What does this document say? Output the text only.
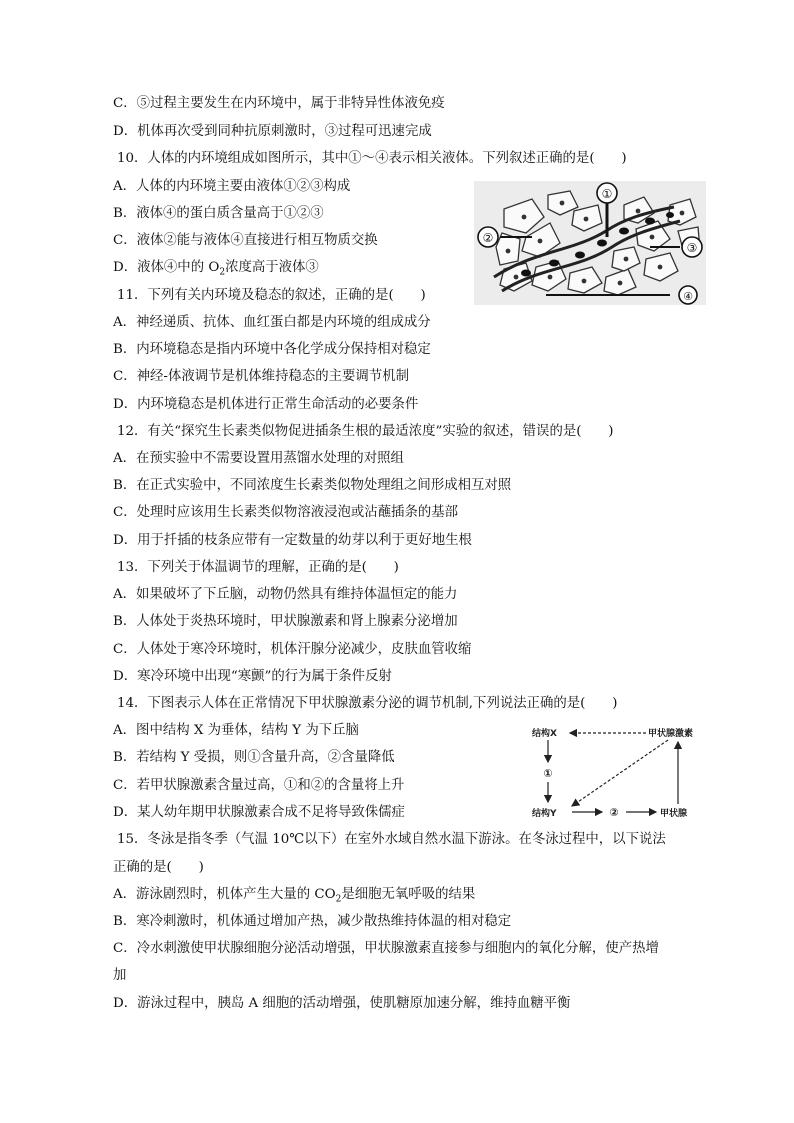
C．⑤过程主要发生在内环境中，属于非特异性体液免疫
D．机体再次受到同种抗原刺激时，③过程可迅速完成
10．人体的内环境组成如图所示，其中①～④表示相关液体。下列叙述正确的是(　　)
A．人体的内环境主要由液体①②③构成
B．液体④的蛋白质含量高于①②③
C．液体②能与液体④直接进行相互物质交换
D．液体④中的 $O_2$浓度高于液体③
①
②
③
④
11．下列有关内环境及稳态的叙述，正确的是(　　)
A．神经递质、抗体、血红蛋白都是内环境的组成成分
B．内环境稳态是指内环境中各化学成分保持相对稳定
C．神经-体液调节是机体维持稳态的主要调节机制
D．内环境稳态是机体进行正常生命活动的必要条件
12．有关“探究生长素类似物促进插条生根的最适浓度”实验的叙述，错误的是(　　)
A．在预实验中不需要设置用蒸馏水处理的对照组
B．在正式实验中，不同浓度生长素类似物处理组之间形成相互对照
C．处理时应该用生长素类似物溶液浸泡或沾蘸插条的基部
D．用于扦插的枝条应带有一定数量的幼芽以利于更好地生根
13．下列关于体温调节的理解，正确的是(　　)
A．如果破坏了下丘脑，动物仍然具有维持体温恒定的能力
B．人体处于炎热环境时，甲状腺激素和肾上腺素分泌增加
C．人体处于寒冷环境时，机体汗腺分泌减少，皮肤血管收缩
D．寒冷环境中出现“寒颤”的行为属于条件反射
14．下图表示人体在正常情况下甲状腺激素分泌的调节机制,下列说法正确的是(　　)
A．图中结构 X 为垂体，结构 Y 为下丘脑
B．若结构 Y 受损，则①含量升高，②含量降低
C．若甲状腺激素含量过高，①和②的含量将上升
D．某人幼年期甲状腺激素合成不足将导致侏儒症
结构X	甲状腺激素
①
结构Y	②	甲状腺
15．冬泳是指冬季（气温 10℃以下）在室外水域自然水温下游泳。在冬泳过程中，以下说法
正确的是(　　)
A．游泳剧烈时，机体产生大量的 $CO_2$是细胞无氧呼吸的结果
B．寒冷刺激时，机体通过增加产热，减少散热维持体温的相对稳定
C．冷水刺激使甲状腺细胞分泌活动增强，甲状腺激素直接参与细胞内的氧化分解，使产热增
加
D．游泳过程中，胰岛 A 细胞的活动增强，使肌糖原加速分解，维持血糖平衡
